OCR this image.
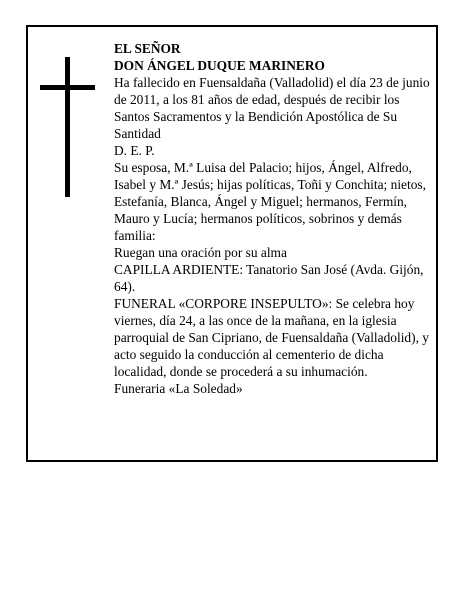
EL SEÑOR

DON ÁNGEL DUQUE MARINERO

Ha fallecido en Fuensaldaña (Valladolid) el día 23 de junio de 2011, a los 81 años de edad, después de recibir los Santos Sacramentos y la Bendición Apostólica de Su Santidad

D. E. P.

Su esposa, M.ª Luisa del Palacio; hijos, Ángel, Alfredo, Isabel y M.ª Jesús; hijas políticas, Toñi y Conchita; nietos, Estefanía, Blanca, Ángel y Miguel; hermanos, Fermín, Mauro y Lucía; hermanos políticos, sobrinos y demás familia:

Ruegan una oración por su alma

CAPILLA ARDIENTE: Tanatorio San José (Avda. Gijón, 64).

FUNERAL «CORPORE INSEPULTO»: Se celebra hoy viernes, día 24, a las once de la mañana, en la iglesia parroquial de San Cipriano, de Fuensaldaña (Valladolid), y acto seguido la conducción al cementerio de dicha localidad, donde se procederá a su inhumación.

Funeraria «La Soledad»
